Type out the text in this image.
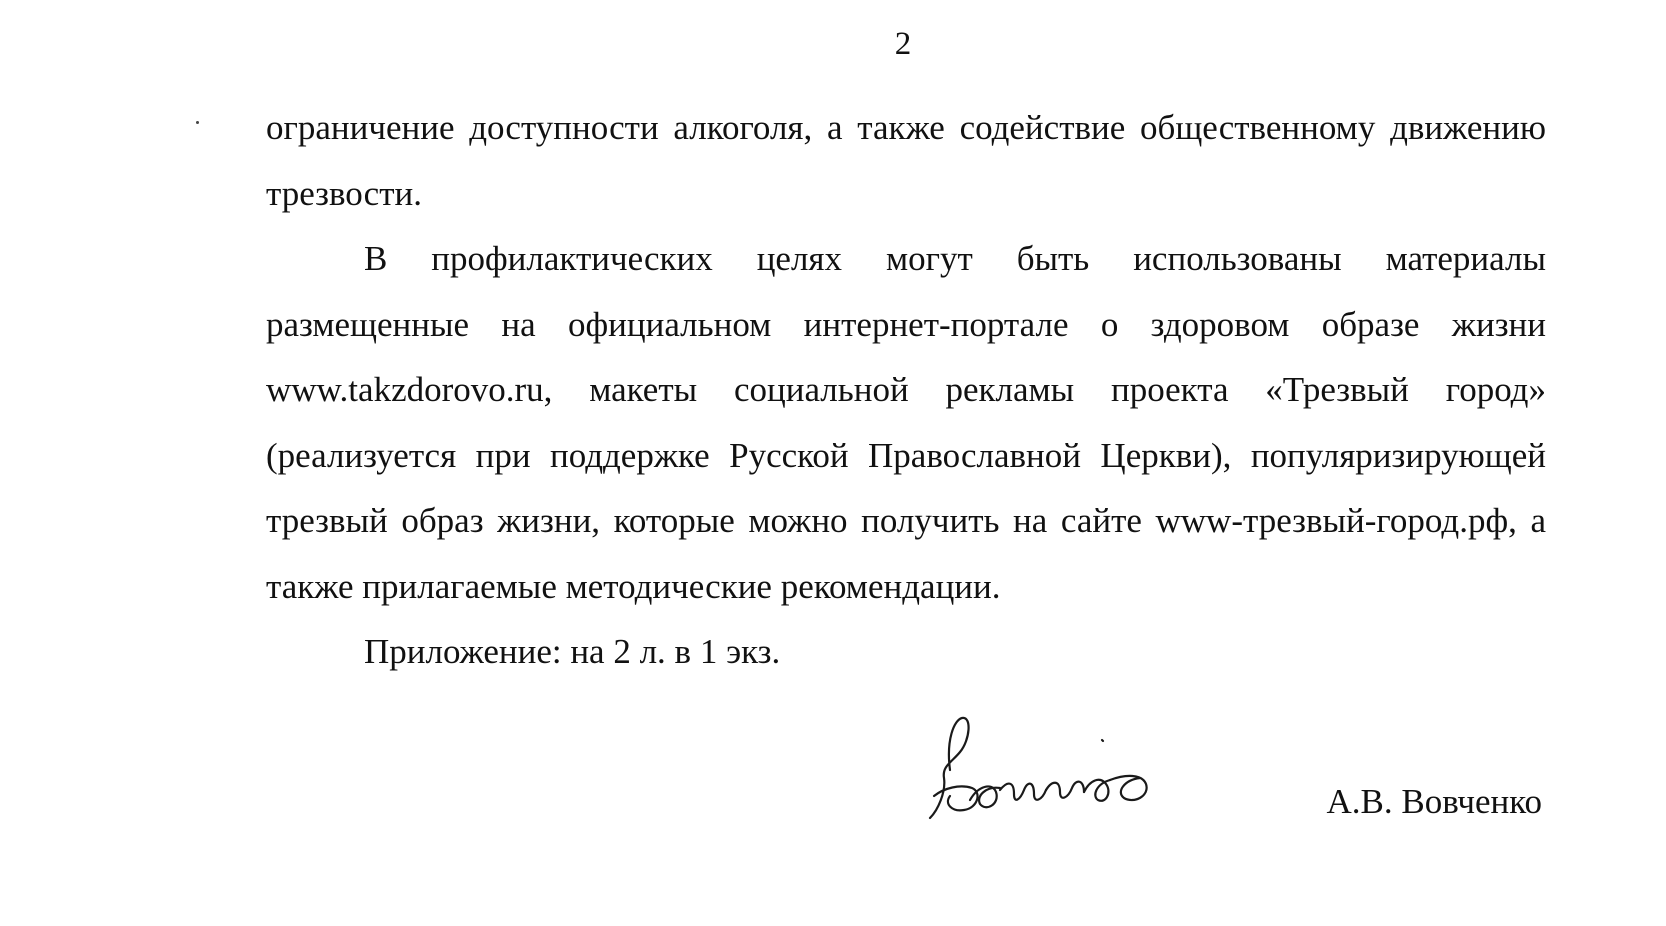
2

ограничение доступности алкоголя, а также содействие общественному движению трезвости.

В профилактических целях могут быть использованы материалы размещенные на официальном интернет-портале о здоровом образе жизни www.takzdorovo.ru, макеты социальной рекламы проекта «Трезвый город» (реализуется при поддержке Русской Православной Церкви), популяризирующей трезвый образ жизни, которые можно получить на сайте www-трезвый-город.рф, а также прилагаемые методические рекомендации.

Приложение: на 2 л. в 1 экз.

А.В. Вовченко
